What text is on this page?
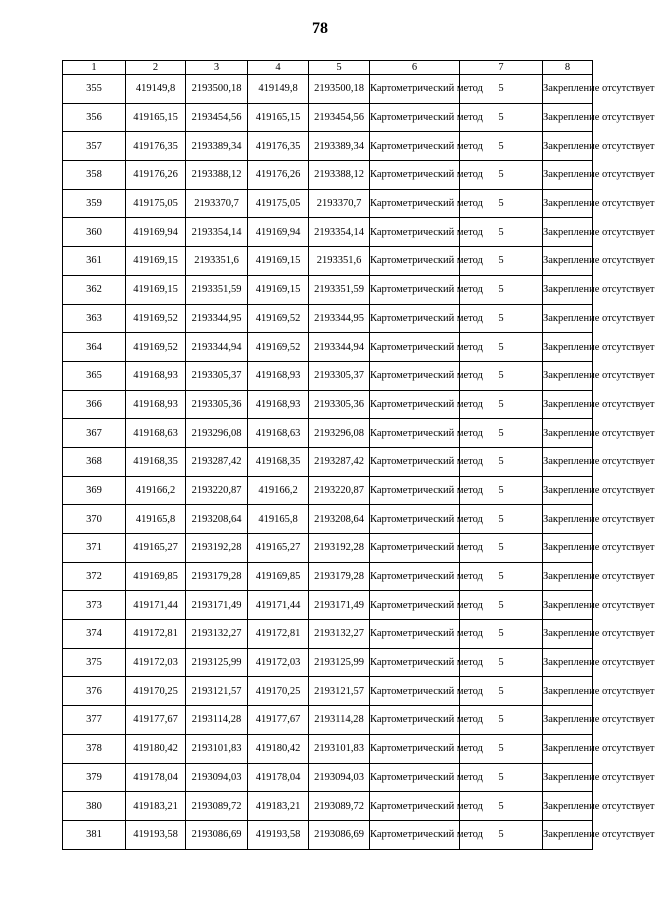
78
1	2	3	4	5	6	7	8
355	419149,8	2193500,18	419149,8	2193500,18	Картометрический метод	5	Закрепление отсутствует
356	419165,15	2193454,56	419165,15	2193454,56	Картометрический метод	5	Закрепление отсутствует
357	419176,35	2193389,34	419176,35	2193389,34	Картометрический метод	5	Закрепление отсутствует
358	419176,26	2193388,12	419176,26	2193388,12	Картометрический метод	5	Закрепление отсутствует
359	419175,05	2193370,7	419175,05	2193370,7	Картометрический метод	5	Закрепление отсутствует
360	419169,94	2193354,14	419169,94	2193354,14	Картометрический метод	5	Закрепление отсутствует
361	419169,15	2193351,6	419169,15	2193351,6	Картометрический метод	5	Закрепление отсутствует
362	419169,15	2193351,59	419169,15	2193351,59	Картометрический метод	5	Закрепление отсутствует
363	419169,52	2193344,95	419169,52	2193344,95	Картометрический метод	5	Закрепление отсутствует
364	419169,52	2193344,94	419169,52	2193344,94	Картометрический метод	5	Закрепление отсутствует
365	419168,93	2193305,37	419168,93	2193305,37	Картометрический метод	5	Закрепление отсутствует
366	419168,93	2193305,36	419168,93	2193305,36	Картометрический метод	5	Закрепление отсутствует
367	419168,63	2193296,08	419168,63	2193296,08	Картометрический метод	5	Закрепление отсутствует
368	419168,35	2193287,42	419168,35	2193287,42	Картометрический метод	5	Закрепление отсутствует
369	419166,2	2193220,87	419166,2	2193220,87	Картометрический метод	5	Закрепление отсутствует
370	419165,8	2193208,64	419165,8	2193208,64	Картометрический метод	5	Закрепление отсутствует
371	419165,27	2193192,28	419165,27	2193192,28	Картометрический метод	5	Закрепление отсутствует
372	419169,85	2193179,28	419169,85	2193179,28	Картометрический метод	5	Закрепление отсутствует
373	419171,44	2193171,49	419171,44	2193171,49	Картометрический метод	5	Закрепление отсутствует
374	419172,81	2193132,27	419172,81	2193132,27	Картометрический метод	5	Закрепление отсутствует
375	419172,03	2193125,99	419172,03	2193125,99	Картометрический метод	5	Закрепление отсутствует
376	419170,25	2193121,57	419170,25	2193121,57	Картометрический метод	5	Закрепление отсутствует
377	419177,67	2193114,28	419177,67	2193114,28	Картометрический метод	5	Закрепление отсутствует
378	419180,42	2193101,83	419180,42	2193101,83	Картометрический метод	5	Закрепление отсутствует
379	419178,04	2193094,03	419178,04	2193094,03	Картометрический метод	5	Закрепление отсутствует
380	419183,21	2193089,72	419183,21	2193089,72	Картометрический метод	5	Закрепление отсутствует
381	419193,58	2193086,69	419193,58	2193086,69	Картометрический метод	5	Закрепление отсутствует
